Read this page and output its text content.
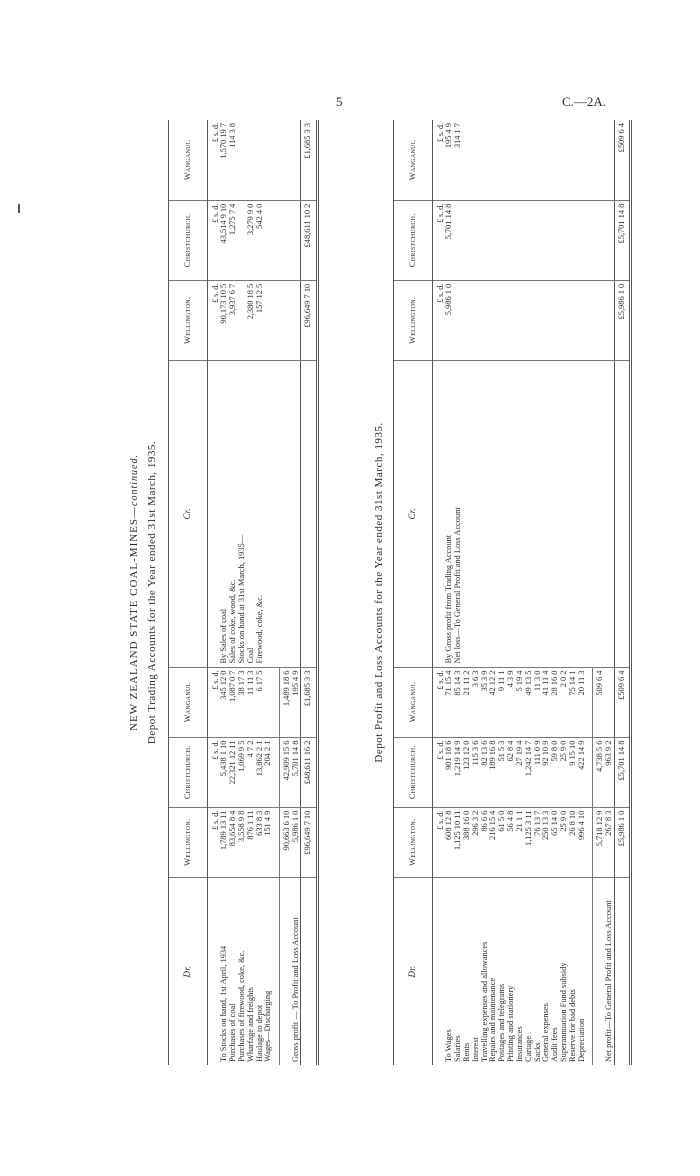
5	C.—2A.
NEW ZEALAND STATE COAL-MINES—continued. Depot Trading Accounts for the Year ended 31st March, 1935.
Dr.	Wellington.	Christchurch.	Wanganui.	Cr.	Wellington.	Christchurch.	Wanganui.
	£ s. d.	£ s. d.	£ s. d.		£ s. d.	£ s. d.	£ s. d.
To Stocks on hand, 1st April, 1934	1,789 13 11	5,438 1 10	345 12 0	By Sales of coal	90,173 10 5	43,514 9 10	1,570 19 7
Purchases of coal	83,654 8 4	22,321 12 11	1,087 0 7	Sales of coke, wood, &c.	3,937 6 7	1,275 7 4	114 3 8
Purchases of firewood, coke, &c.	3,558 9 8	1,069 9 5	38 17 3	Stocks on hand at 31st March, 1935—			
Wharfage and freights	876 1 11	4 7 2	11 11 3	Coal	2,380 18 5	3,279 9 0	
Haulage to depot	633 8 3	13,862 2 1	6 17 5	Firewood, coke, &c.	157 12 5	542 4 0	
Wages—Discharging	151 4 9	204 2 1					

	90,663 6 10	42,909 15 6	1,489 18 6				
Gross profit — To Profit and Loss Account	5,986 1 0	5,701 14 8	195 4 9				
	£96,649 7 10	£48,611 16 2	£1,685 3 3		£96,649 7 10	£48,611 10 2	£1,685 3 3
Depot Profit and Loss Accounts for the Year ended 31st March, 1935.
Dr.	Wellington.	Christchurch.	Wanganui.	Cr.	Wellington.	Christchurch.	Wanganui.
	£ s. d.	£ s. d.	£ s. d.		£ s. d.	£ s. d.	£ s. d.
To Wages	608 12 8	901 18 6	71 15 4	By Gross profit from Trading Account	5,986 1 0	5,701 14 8	195 4 9
Salaries	1,125 10 11	1,219 14 9	85 14 3	Net loss—To General Profit and Loss Account			314 1 7
Rents	388 16 0	123 12 0	21 11 2				
Interest	296 3 2	115 3 6	3 6 3				
Travelling expenses and allowances	86 6 6	82 13 6	35 3 9				
Repairs and maintenance	216 15 4	189 16 8	42 12 2				
Postages and telegrams	61 5 0	51 5 3	9 11 1				
Printing and stationery	56 4 8	62 8 4	4 3 9				
Insurances	21 1 1	27 19 4	5 19 4				
Cartage	1,125 3 11	1,242 14 7	49 13 5				
Sacks	76 13 7	111 0 9	11 3 0				
General expenses	250 13 3	92 10 9	41 11 4				
Audit fees	65 14 0	59 8 0	28 16 0				
Superannuation Fund subsidy	25 9 0	25 9 0	2 0 2				
Reserve for bad debts	26 8 10	9 15 10	75 14 1				
Depreciation	996 4 10	422 14 9	20 11 3				

	5,718 12 9	4,738 5 6	509 6 4				
Net profit—To General Profit and Loss Account	267 8 3	963 9 2					
	£5,986 1 0	£5,701 14 8	£509 6 4		£5,986 1 0	£5,701 14 8	£509 6 4
